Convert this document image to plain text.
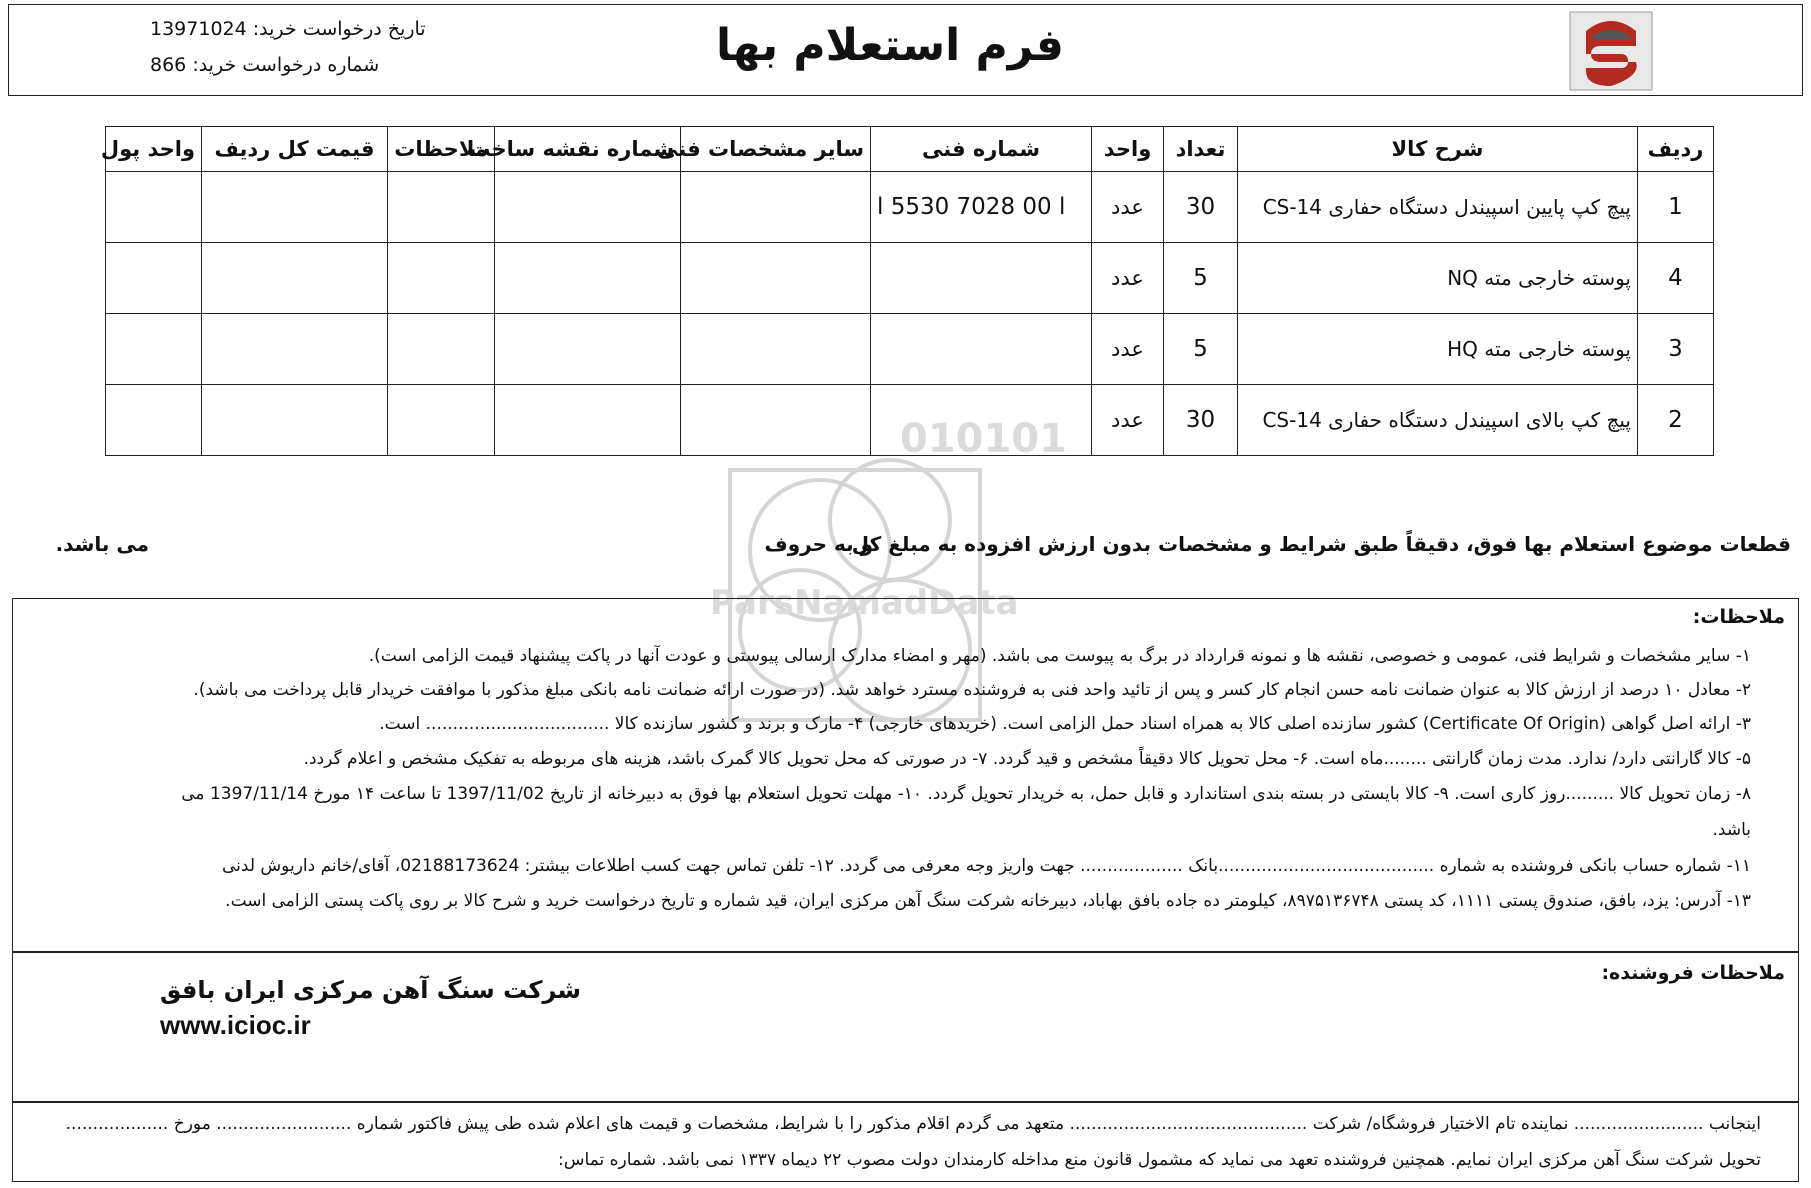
فرم استعلام بها
تاریخ درخواست خرید: 13971024
شماره درخواست خرید: 866
010101
ParsNamadData
ردیف	شرح کالا	تعداد	واحد	شماره فنی	سایر مشخصات فنی	شماره نقشه ساخت	ملاحظات	قیمت کل ردیف	واحد پول
1	پیچ کپ پایین اسپیندل دستگاه حفاری CS-14	30	عدد	l 5530 7028 00 l					
4	پوسته خارجی مته NQ	5	عدد						
3	پوسته خارجی مته HQ	5	عدد						
2	پیچ کپ بالای اسپیندل دستگاه حفاری CS-14	30	عدد						
قطعات موضوع استعلام بها فوق، دقیقاً طبق شرایط و مشخصات بدون ارزش افزوده به مبلغ کل
و به حروف
می باشد.
ملاحظات:
۱- سایر مشخصات و شرایط فنی، عمومی و خصوصی، نقشه ها و نمونه قرارداد در برگ به پیوست می باشد. (مهر و امضاء مدارک ارسالی پیوستی و عودت آنها در پاکت پیشنهاد قیمت الزامی است).
۲- معادل ۱۰ درصد از ارزش کالا به عنوان ضمانت نامه حسن انجام کار کسر و پس از تائید واحد فنی به فروشنده مسترد خواهد شد. (در صورت ارائه ضمانت نامه بانکی مبلغ مذکور با موافقت خریدار قابل پرداخت می باشد).
۳- ارائه اصل گواهی (Certificate Of Origin) کشور سازنده اصلی کالا به همراه اسناد حمل الزامی است. (خریدهای خارجی) ۴- مارک و برند و کشور سازنده کالا .................................. است.
۵- کالا گارانتی دارد/ ندارد. مدت زمان گارانتی ........ماه است. ۶- محل تحویل کالا دقیقاً مشخص و قید گردد. ۷- در صورتی که محل تحویل کالا گمرک باشد، هزینه های مربوطه به تفکیک مشخص و اعلام گردد.
۸- زمان تحویل کالا .........روز کاری است. ۹- کالا بایستی در بسته بندی استاندارد و قابل حمل، به خریدار تحویل گردد. ۱۰- مهلت تحویل استعلام بها فوق به دبیرخانه از تاریخ 1397/11/02 تا ساعت ۱۴ مورخ 1397/11/14 می
باشد.
۱۱- شماره حساب بانکی فروشنده به شماره ........................................بانک ................... جهت واریز وجه معرفی می گردد. ۱۲- تلفن تماس جهت کسب اطلاعات بیشتر: 02188173624، آقای/خانم داریوش لدنی
۱۳- آدرس: یزد، بافق، صندوق پستی ۱۱۱۱، کد پستی ۸۹۷۵۱۳۶۷۴۸، کیلومتر ده جاده بافق بهاباد، دبیرخانه شرکت سنگ آهن مرکزی ایران، قید شماره و تاریخ درخواست خرید و شرح کالا بر روی پاکت پستی الزامی است.
ملاحظات فروشنده:
شرکت سنگ آهن مرکزی ایران بافق
www.icioc.ir
اینجانب ........................ نماینده تام الاختیار فروشگاه/ شرکت ............................................ متعهد می گردم اقلام مذکور را با شرایط، مشخصات و قیمت های اعلام شده طی پیش فاکتور شماره ......................... مورخ ...................
تحویل شرکت سنگ آهن مرکزی ایران نمایم. همچنین فروشنده تعهد می نماید که مشمول قانون منع مداخله کارمندان دولت مصوب ۲۲ دیماه ۱۳۳۷ نمی باشد. شماره تماس:
